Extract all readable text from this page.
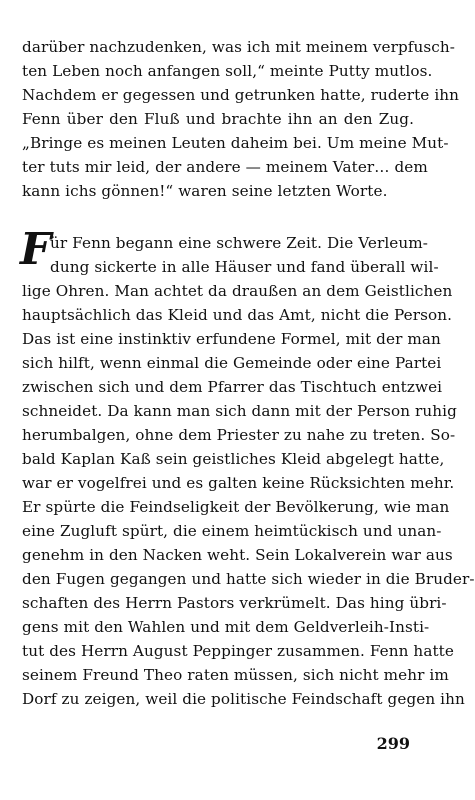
darüber nachzudenken, was ich mit meinem verpfusch-
ten Leben noch anfangen soll,“ meinte Putty mutlos.
Nachdem er gegessen und getrunken hatte, ruderte ihn
Fenn über den Fluß und brachte ihn an den Zug.
„Bringe es meinen Leuten daheim bei. Um meine Mut-
ter tuts mir leid, der andere — meinem Vater… dem
kann ichs gönnen!“ waren seine letzten Worte.
F
ür Fenn begann eine schwere Zeit. Die Verleum-
dung sickerte in alle Häuser und fand überall wil-
lige Ohren. Man achtet da draußen an dem Geistlichen
hauptsächlich das Kleid und das Amt, nicht die Person.
Das ist eine instinktiv erfundene Formel, mit der man
sich hilft, wenn einmal die Gemeinde oder eine Partei
zwischen sich und dem Pfarrer das Tischtuch entzwei
schneidet. Da kann man sich dann mit der Person ruhig
herumbalgen, ohne dem Priester zu nahe zu treten. So-
bald Kaplan Kaß sein geistliches Kleid abgelegt hatte,
war er vogelfrei und es galten keine Rücksichten mehr.
Er spürte die Feindseligkeit der Bevölkerung, wie man
eine Zugluft spürt, die einem heimtückisch und unan-
genehm in den Nacken weht. Sein Lokalverein war aus
den Fugen gegangen und hatte sich wieder in die Bruder-
schaften des Herrn Pastors verkrümelt. Das hing übri-
gens mit den Wahlen und mit dem Geldverleih-Insti-
tut des Herrn August Peppinger zusammen. Fenn hatte
seinem Freund Theo raten müssen, sich nicht mehr im
Dorf zu zeigen, weil die politische Feindschaft gegen ihn
299
